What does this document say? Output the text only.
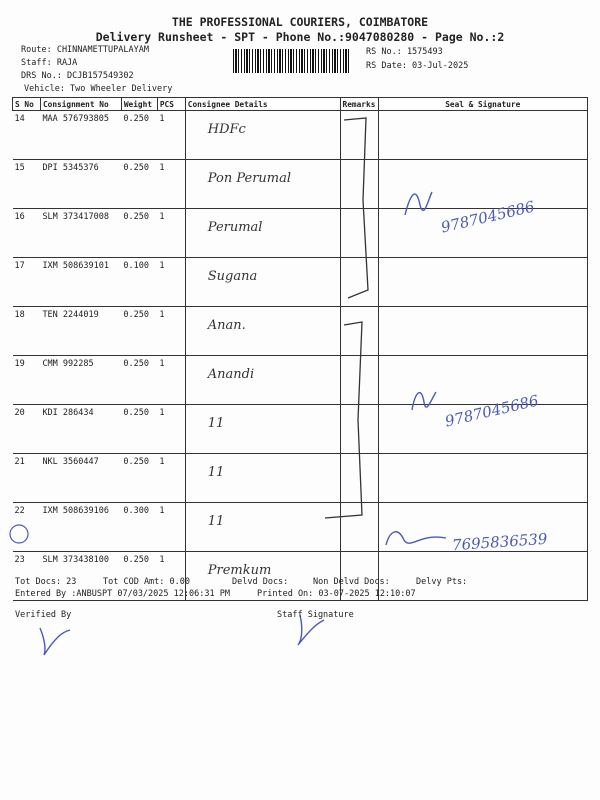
THE PROFESSIONAL COURIERS, COIMBATORE
Delivery Runsheet - SPT - Phone No.:9047080280 - Page No.:2
Route: CHINNAMETTUPALAYAM
Staff: RAJA
DRS No.: DCJB157549302
Vehicle: Two Wheeler Delivery
RS No.: 1575493
RS Date: 03-Jul-2025
S No	Consignment No	Weight	PCS	Consignee Details	Remarks	Seal & Signature
14	MAA 576793805	0.250	1	HDFc		
15	DPI 5345376	0.250	1	Pon Perumal		
16	SLM 373417008	0.250	1	Perumal		
17	IXM 508639101	0.100	1	Sugana		
18	TEN 2244019	0.250	1	Anan.		
19	CMM 992285	0.250	1	Anandi		
20	KDI 286434	0.250	1	11		
21	NKL 3560447	0.250	1	11		
22	IXM 508639106	0.300	1	11		
23	SLM 373438100	0.250	1	Premkum		
9787045686
9787045686
7695836539
Tot Docs: 23	Tot COD Amt: 0.00	Delvd Docs:	Non Delvd Docs:	Delvy Pts:
Entered By :ANBUSPT 07/03/2025 12:06:31 PM	Printed On: 03-07-2025 12:10:07
Verified By	Staff Signature
